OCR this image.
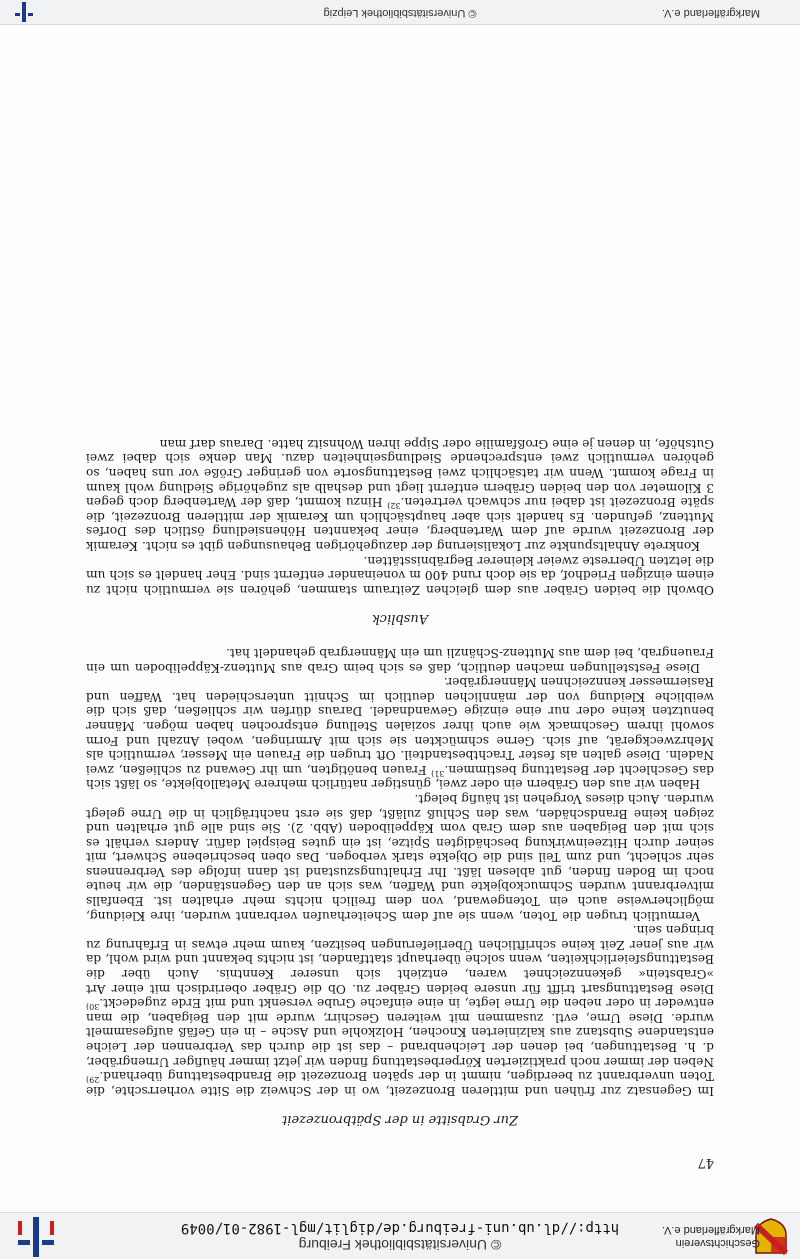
Geschichtsverein
Markgräflerland e.V.
© Universitätsbibliothek Freiburg
http://dl.ub.uni-freiburg.de/diglit/mgl-1982-01/0049
47
Zur Grabsitte in der Spätbronzezeit

Im Gegensatz zur frühen und mittleren Bronzezeit, wo in der Schweiz die Sitte vorherrschte, die Toten unverbrannt zu beerdigen, nimmt in der späten Bronzezeit die Brandbestattung überhand.$^{29)}$ Neben der immer noch praktizierten Körperbestattung finden wir jetzt immer häufiger Urnengräber, d. h. Bestattungen, bei denen der Leichenbrand – das ist die durch das Verbrennen der Leiche entstandene Substanz aus kalzinierten Knochen, Holzkohle und Asche – in ein Gefäß aufgesammelt wurde. Diese Urne, evtl. zusammen mit weiteren Geschirr, wurde mit den Beigaben, die man entweder in oder neben die Urne legte, in eine einfache Grube versenkt und mit Erde zugedeckt.$^{30)}$ Diese Bestattungsart trifft für unsere beiden Gräber zu. Ob die Gräber oberirdisch mit einer Art »Grabstein« gekennzeichnet waren, entzieht sich unserer Kenntnis. Auch über die Bestattungsfeierlichkeiten, wenn solche überhaupt stattfanden, ist nichts bekannt und wird wohl, da wir aus jener Zeit keine schriftlichen Überlieferungen besitzen, kaum mehr etwas in Erfahrung zu bringen sein.

Vermutlich trugen die Toten, wenn sie auf dem Scheiterhaufen verbrannt wurden, ihre Kleidung, möglicherweise auch ein Totengewand, von dem freilich nichts mehr erhalten ist. Ebenfalls mitverbrannt wurden Schmuckobjekte und Waffen, was sich an den Gegenständen, die wir heute noch im Boden finden, gut ablesen läßt. Ihr Erhaltungszustand ist dann infolge des Verbrennens sehr schlecht, und zum Teil sind die Objekte stark verbogen. Das oben beschriebene Schwert, mit seiner durch Hitzeeinwirkung beschädigten Spitze, ist ein gutes Beispiel dafür. Anders verhält es sich mit den Beigaben aus dem Grab vom Käppeliboden (Abb. 2). Sie sind alle gut erhalten und zeigen keine Brandschäden, was den Schluß zuläßt, daß sie erst nachträglich in die Urne gelegt wurden. Auch dieses Vorgehen ist häufig belegt.

Haben wir aus den Gräbern ein oder zwei, günstiger natürlich mehrere Metallobjekte, so läßt sich das Geschlecht der Bestattung bestimmen.$^{31)}$ Frauen benötigten, um ihr Gewand zu schließen, zwei Nadeln. Diese galten als fester Trachtbestandteil. Oft trugen die Frauen ein Messer, vermutlich als Mehrzweckgerät, auf sich. Gerne schmückten sie sich mit Armringen, wobei Anzahl und Form sowohl ihrem Geschmack wie auch ihrer sozialen Stellung entsprochen haben mögen. Männer benutzten keine oder nur eine einzige Gewandnadel. Daraus dürfen wir schließen, daß sich die weibliche Kleidung von der männlichen deutlich im Schnitt unterschieden hat. Waffen und Rasiermesser kennzeichnen Männergräber.

Diese Feststellungen machen deutlich, daß es sich beim Grab aus Muttenz-Käppeliboden um ein Frauengrab, bei dem aus Muttenz-Schänzli um ein Männergrab gehandelt hat.

Ausblick

Obwohl die beiden Gräber aus dem gleichen Zeitraum stammen, gehören sie vermutlich nicht zu einem einzigen Friedhof, da sie doch rund 400 m voneinander entfernt sind. Eher handelt es sich um die letzten Überreste zweier kleinerer Begräbnisstätten.

Konkrete Anhaltspunkte zur Lokalisierung der dazugehörigen Behausungen gibt es nicht. Keramik der Bronzezeit wurde auf dem Wartenberg, einer bekannten Höhensiedlung östlich des Dorfes Muttenz, gefunden. Es handelt sich aber hauptsächlich um Keramik der mittleren Bronzezeit, die späte Bronzezeit ist dabei nur schwach vertreten.$^{32)}$ Hinzu kommt, daß der Wartenberg doch gegen 3 Kilometer von den beiden Gräbern entfernt liegt und deshalb als zugehörige Siedlung wohl kaum in Frage kommt. Wenn wir tatsächlich zwei Bestattungsorte von geringer Größe vor uns haben, so gehören vermutlich zwei entsprechende Siedlungseinheiten dazu. Man denke sich dabei zwei Gutshöfe, in denen je eine Großfamilie oder Sippe ihren Wohnsitz hatte. Daraus darf man

Markgräflerland e.V.
© Universitätsbibliothek Leipzig
